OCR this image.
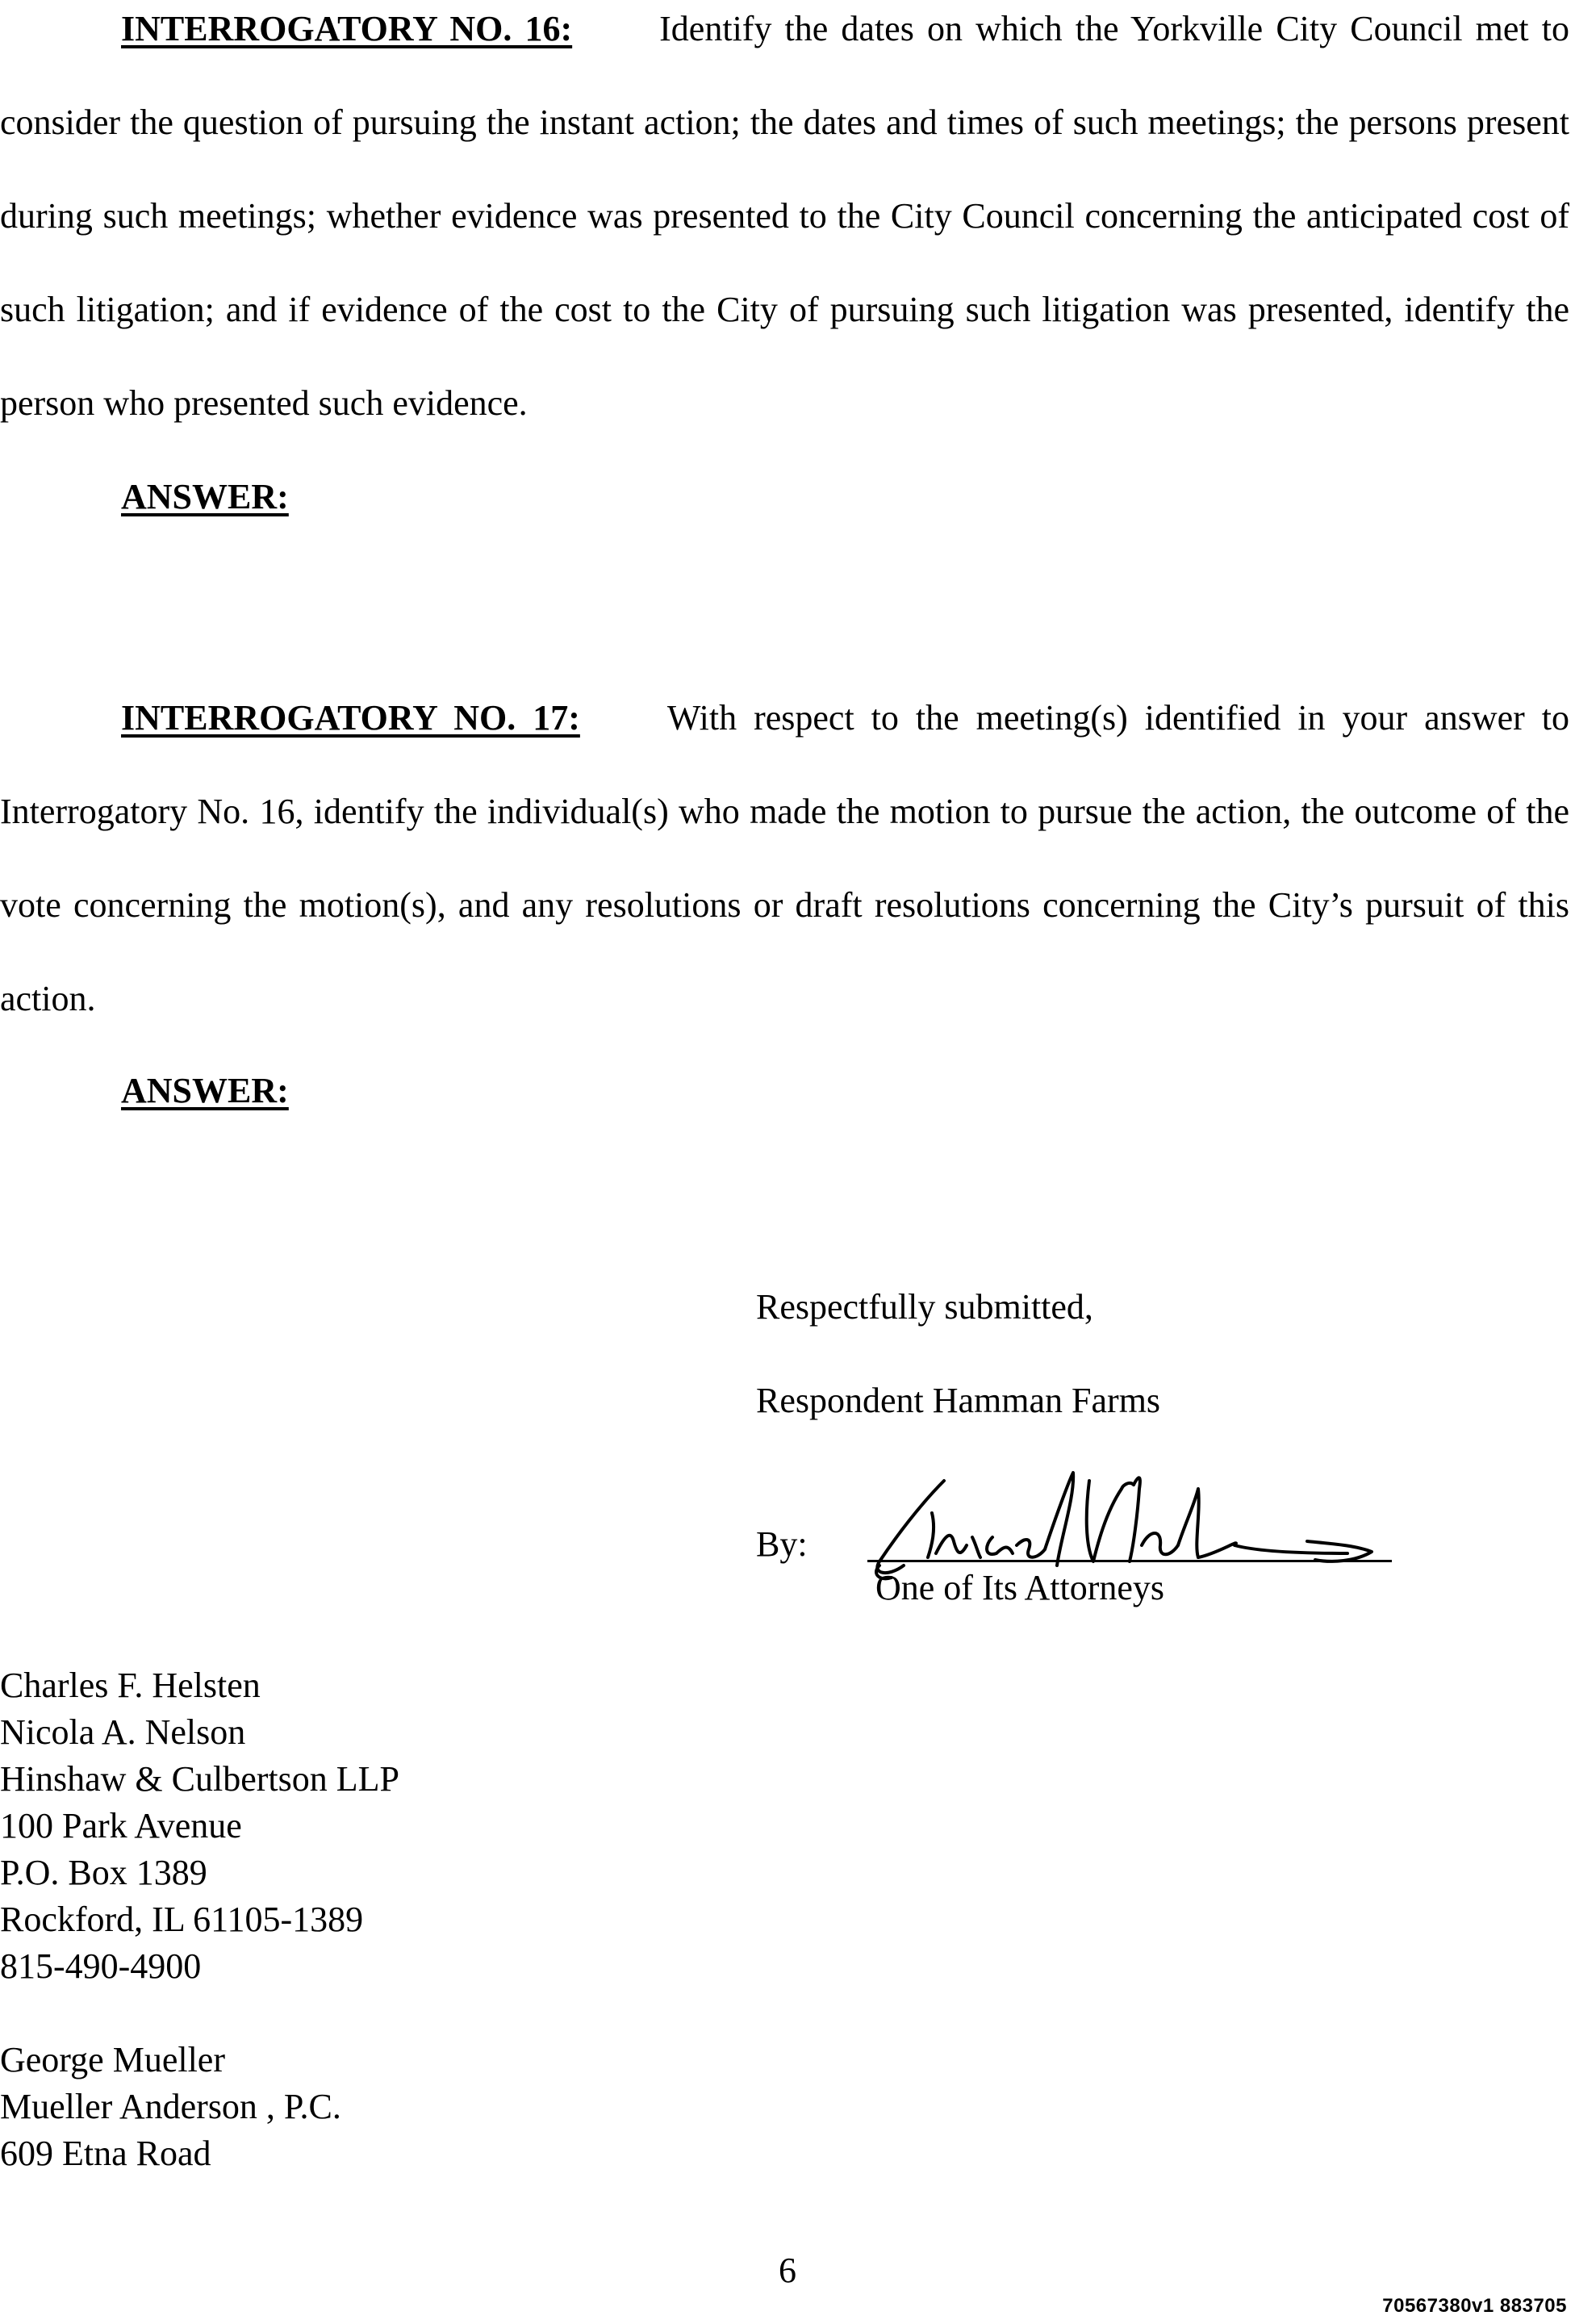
INTERROGATORY NO. 16: Identify the dates on which the Yorkville City Council met to consider the question of pursuing the instant action; the dates and times of such meetings; the persons present during such meetings; whether evidence was presented to the City Council concerning the anticipated cost of such litigation; and if evidence of the cost to the City of pursuing such litigation was presented, identify the person who presented such evidence.

ANSWER:

INTERROGATORY NO. 17: With respect to the meeting(s) identified in your answer to Interrogatory No. 16, identify the individual(s) who made the motion to pursue the action, the outcome of the vote concerning the motion(s), and any resolutions or draft resolutions concerning the City’s pursuit of this action.

ANSWER:
Respectfully submitted,
Respondent Hamman Farms
By:
One of Its Attorneys
Charles F. Helsten
Nicola A. Nelson
Hinshaw & Culbertson LLP
100 Park Avenue
P.O. Box 1389
Rockford, IL 61105-1389
815-490-4900
George Mueller
Mueller Anderson , P.C.
609 Etna Road
6
70567380v1 883705
